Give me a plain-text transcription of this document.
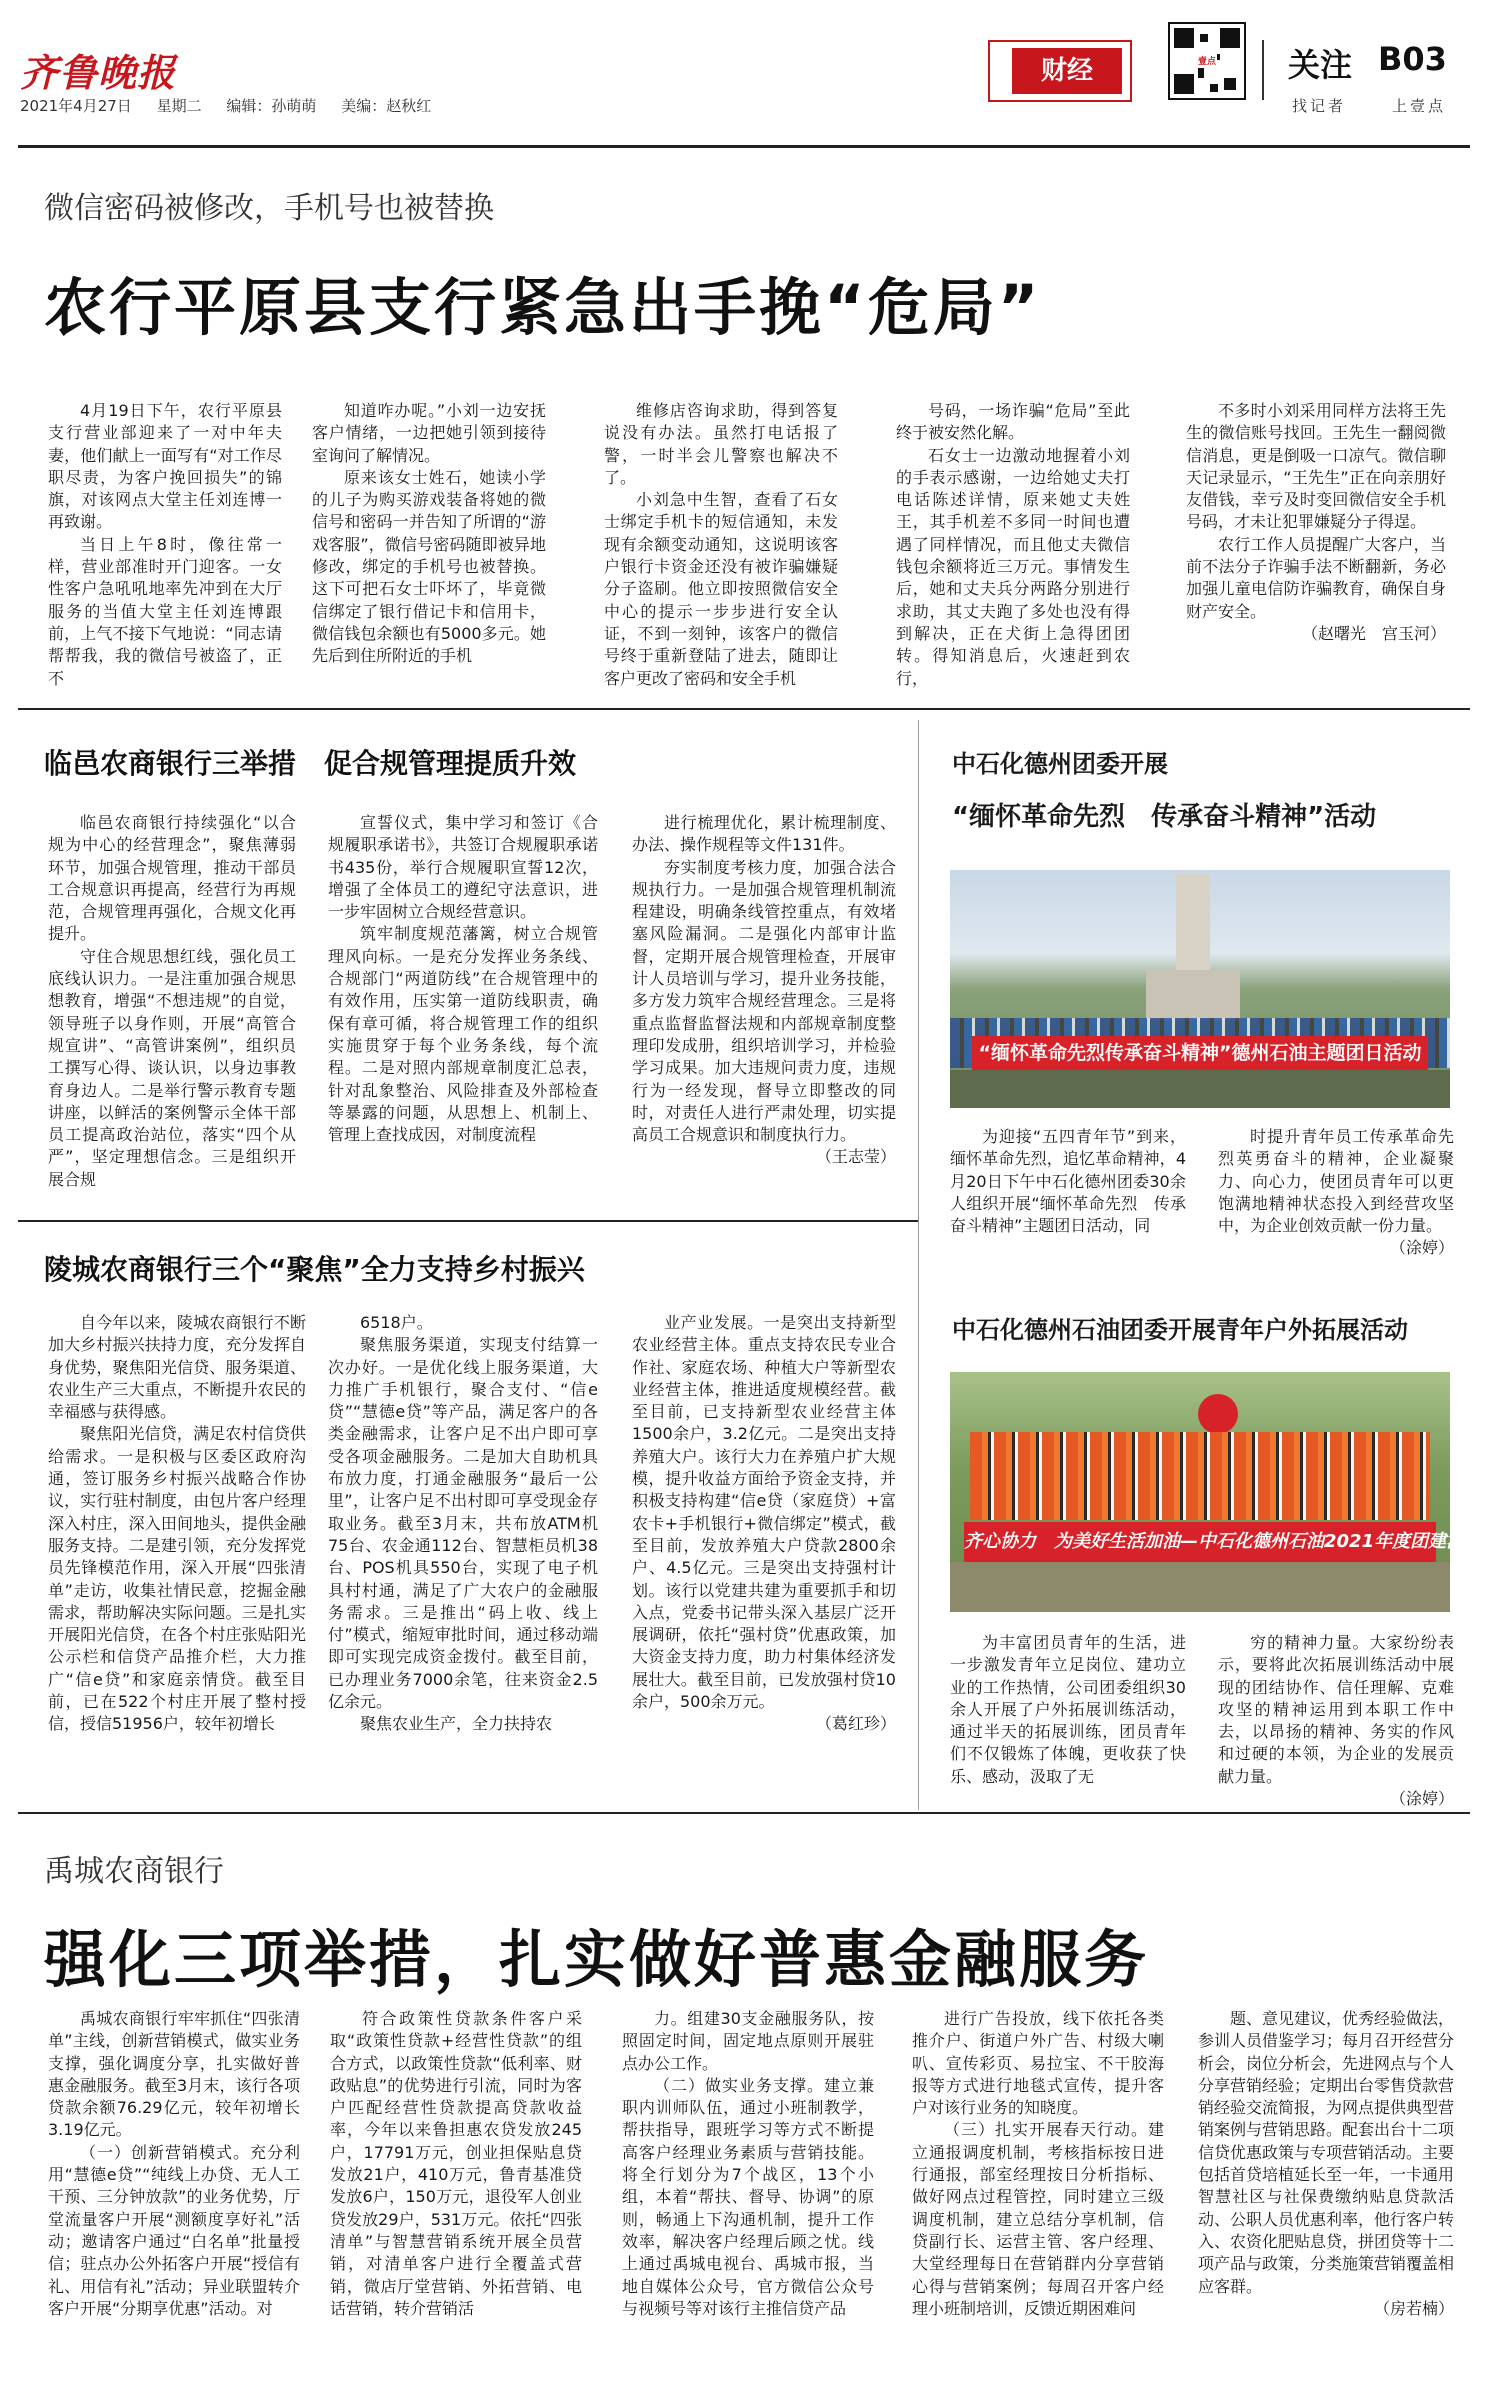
齐鲁晚报
2021年4月27日 星期二 编辑：孙萌萌 美编：赵秋红
财经	壹点 关注
找记者
B03
上壹点
微信密码被修改，手机号也被替换
农行平原县支行紧急出手挽“危局”

4月19日下午，农行平原县支行营业部迎来了一对中年夫妻，他们献上一面写有“对工作尽职尽责，为客户挽回损失”的锦旗，对该网点大堂主任刘连博一再致谢。

当日上午8时，像往常一样，营业部准时开门迎客。一女性客户急吼吼地率先冲到在大厅服务的当值大堂主任刘连博跟前，上气不接下气地说：“同志请帮帮我，我的微信号被盗了，正不

知道咋办呢。”小刘一边安抚客户情绪，一边把她引领到接待室询问了解情况。

原来该女士姓石，她读小学的儿子为购买游戏装备将她的微信号和密码一并告知了所谓的“游戏客服”，微信号密码随即被异地修改，绑定的手机号也被替换。这下可把石女士吓坏了，毕竟微信绑定了银行借记卡和信用卡，微信钱包余额也有5000多元。她先后到住所附近的手机

维修店咨询求助，得到答复说没有办法。虽然打电话报了警，一时半会儿警察也解决不了。

小刘急中生智，查看了石女士绑定手机卡的短信通知，未发现有余额变动通知，这说明该客户银行卡资金还没有被诈骗嫌疑分子盗刷。他立即按照微信安全中心的提示一步步进行安全认证，不到一刻钟，该客户的微信号终于重新登陆了进去，随即让客户更改了密码和安全手机

号码，一场诈骗“危局”至此终于被安然化解。

石女士一边激动地握着小刘的手表示感谢，一边给她丈夫打电话陈述详情，原来她丈夫姓王，其手机差不多同一时间也遭遇了同样情况，而且他丈夫微信钱包余额将近三万元。事情发生后，她和丈夫兵分两路分别进行求助，其丈夫跑了多处也没有得到解决，正在犬街上急得团团转。得知消息后，火速赶到农行，

不多时小刘采用同样方法将王先生的微信账号找回。王先生一翻阅微信消息，更是倒吸一口凉气。微信聊天记录显示，“王先生”正在向亲朋好友借钱，幸亏及时变回微信安全手机号码，才未让犯罪嫌疑分子得逞。

农行工作人员提醒广大客户，当前不法分子诈骗手法不断翻新，务必加强儿童电信防诈骗教育，确保自身财产安全。

（赵曙光　宫玉河）
临邑农商银行三举措　促合规管理提质升效

临邑农商银行持续强化“以合规为中心的经营理念”，聚焦薄弱环节，加强合规管理，推动干部员工合规意识再提高，经营行为再规范，合规管理再强化，合规文化再提升。

守住合规思想红线，强化员工底线认识力。一是注重加强合规思想教育，增强“不想违规”的自觉，领导班子以身作则，开展“高管合规宣讲”、“高管讲案例”，组织员工撰写心得、谈认识，以身边事教育身边人。二是举行警示教育专题讲座，以鲜活的案例警示全体干部员工提高政治站位，落实“四个从严”，坚定理想信念。三是组织开展合规

宣誓仪式，集中学习和签订《合规履职承诺书》，共签订合规履职承诺书435份，举行合规履职宣誓12次，增强了全体员工的遵纪守法意识，进一步牢固树立合规经营意识。

筑牢制度规范藩篱，树立合规管理风向标。一是充分发挥业务条线、合规部门“两道防线”在合规管理中的有效作用，压实第一道防线职责，确保有章可循，将合规管理工作的组织实施贯穿于每个业务条线，每个流程。二是对照内部规章制度汇总表，针对乱象整治、风险排查及外部检查等暴露的问题，从思想上、机制上、管理上查找成因，对制度流程

进行梳理优化，累计梳理制度、办法、操作规程等文件131件。

夯实制度考核力度，加强合法合规执行力。一是加强合规管理机制流程建设，明确条线管控重点，有效堵塞风险漏洞。二是强化内部审计监督，定期开展合规管理检查，开展审计人员培训与学习，提升业务技能，多方发力筑牢合规经营理念。三是将重点监督监督法规和内部规章制度整理印发成册，组织培训学习，并检验学习成果。加大违规问责力度，违规行为一经发现，督导立即整改的同时，对责任人进行严肃处理，切实提高员工合规意识和制度执行力。

（王志莹）
陵城农商银行三个“聚焦”全力支持乡村振兴

自今年以来，陵城农商银行不断加大乡村振兴扶持力度，充分发挥自身优势，聚焦阳光信贷、服务渠道、农业生产三大重点，不断提升农民的幸福感与获得感。

聚焦阳光信贷，满足农村信贷供给需求。一是积极与区委区政府沟通，签订服务乡村振兴战略合作协议，实行驻村制度，由包片客户经理深入村庄，深入田间地头，提供金融服务支持。二是建引领，充分发挥党员先锋模范作用，深入开展“四张清单”走访，收集社情民意，挖掘金融需求，帮助解决实际问题。三是扎实开展阳光信贷，在各个村庄张贴阳光公示栏和信贷产品推介栏，大力推广“信e贷”和家庭亲情贷。截至目前，已在522个村庄开展了整村授信，授信51956户，较年初增长

6518户。

聚焦服务渠道，实现支付结算一次办好。一是优化线上服务渠道，大力推广手机银行，聚合支付、“信e贷”“慧德e贷”等产品，满足客户的各类金融需求，让客户足不出户即可享受各项金融服务。二是加大自助机具布放力度，打通金融服务“最后一公里”，让客户足不出村即可享受现金存取业务。截至3月末，共布放ATM机75台、农金通112台、智慧柜员机38台、POS机具550台，实现了电子机具村村通，满足了广大农户的金融服务需求。三是推出“码上收、线上付”模式，缩短审批时间，通过移动端即可实现完成资金拨付。截至目前，已办理业务7000余笔，往来资金2.5亿余元。

聚焦农业生产，全力扶持农

业产业发展。一是突出支持新型农业经营主体。重点支持农民专业合作社、家庭农场、种植大户等新型农业经营主体，推进适度规模经营。截至目前，已支持新型农业经营主体1500余户，3.2亿元。二是突出支持养殖大户。该行大力在养殖户扩大规模，提升收益方面给予资金支持，并积极支持构建“信e贷（家庭贷）+富农卡+手机银行+微信绑定”模式，截至目前，发放养殖大户贷款2800余户、4.5亿元。三是突出支持强村计划。该行以党建共建为重要抓手和切入点，党委书记带头深入基层广泛开展调研，依托“强村贷”优惠政策，加大资金支持力度，助力村集体经济发展壮大。截至目前，已发放强村贷10余户，500余万元。

（葛红珍）
中石化德州团委开展
“缅怀革命先烈　传承奋斗精神”活动
“缅怀革命先烈传承奋斗精神”德州石油主题团日活动

为迎接“五四青年节”到来，缅怀革命先烈，追忆革命精神，4月20日下午中石化德州团委30余人组织开展“缅怀革命先烈　传承奋斗精神”主题团日活动，同

时提升青年员工传承革命先烈英勇奋斗的精神，企业凝聚力、向心力，使团员青年可以更饱满地精神状态投入到经营攻坚中，为企业创效贡献一份力量。

（涂婷）
中石化德州石油团委开展青年户外拓展活动
齐心协力　为美好生活加油—中石化德州石油2021年度团建活动

为丰富团员青年的生活，进一步激发青年立足岗位、建功立业的工作热情，公司团委组织30余人开展了户外拓展训练活动，通过半天的拓展训练，团员青年们不仅锻炼了体魄，更收获了快乐、感动，汲取了无

穷的精神力量。大家纷纷表示，要将此次拓展训练活动中展现的团结协作、信任理解、克难攻坚的精神运用到本职工作中去，以昂扬的精神、务实的作风和过硬的本领，为企业的发展贡献力量。

（涂婷）
禹城农商银行
强化三项举措，扎实做好普惠金融服务

禹城农商银行牢牢抓住“四张清单”主线，创新营销模式，做实业务支撑，强化调度分享，扎实做好普惠金融服务。截至3月末，该行各项贷款余额76.29亿元，较年初增长3.19亿元。

（一）创新营销模式。充分利用“慧德e贷”“纯线上办贷、无人工干预、三分钟放款”的业务优势，厅堂流量客户开展“测额度享好礼”活动；邀请客户通过“白名单”批量授信；驻点办公外拓客户开展“授信有礼、用信有礼”活动；异业联盟转介客户开展“分期享优惠”活动。对

符合政策性贷款条件客户采取“政策性贷款+经营性贷款”的组合方式，以政策性贷款“低利率、财政贴息”的优势进行引流，同时为客户匹配经营性贷款提高贷款收益率，今年以来鲁担惠农贷发放245户，17791万元，创业担保贴息贷发放21户，410万元，鲁青基准贷发放6户，150万元，退役军人创业贷发放29户，531万元。依托“四张清单”与智慧营销系统开展全员营销，对清单客户进行全覆盖式营销，微店厅堂营销、外拓营销、电话营销，转介营销活

力。组建30支金融服务队，按照固定时间，固定地点原则开展驻点办公工作。

（二）做实业务支撑。建立兼职内训师队伍，通过小班制教学，帮扶指导，跟班学习等方式不断提高客户经理业务素质与营销技能。将全行划分为7个战区，13个小组，本着“帮扶、督导、协调”的原则，畅通上下沟通机制，提升工作效率，解决客户经理后顾之忧。线上通过禹城电视台、禹城市报，当地自媒体公众号，官方微信公众号与视频号等对该行主推信贷产品

进行广告投放，线下依托各类推介户、街道户外广告、村级大喇叭、宣传彩页、易拉宝、不干胶海报等方式进行地毯式宣传，提升客户对该行业务的知晓度。

（三）扎实开展春天行动。建立通报调度机制，考核指标按日进行通报，部室经理按日分析指标、做好网点过程管控，同时建立三级调度机制，建立总结分享机制，信贷副行长、运营主管、客户经理、大堂经理每日在营销群内分享营销心得与营销案例；每周召开客户经理小班制培训，反馈近期困难问

题、意见建议，优秀经验做法，参训人员借鉴学习；每月召开经营分析会，岗位分析会，先进网点与个人分享营销经验；定期出台零售贷款营销经验交流简报，为网点提供典型营销案例与营销思路。配套出台十二项信贷优惠政策与专项营销活动。主要包括首贷培植延长至一年，一卡通用智慧社区与社保费缴纳贴息贷款活动、公职人员优惠利率，他行客户转入、农资化肥贴息贷，拼团贷等十二项产品与政策，分类施策营销覆盖相应客群。

（房若楠）
